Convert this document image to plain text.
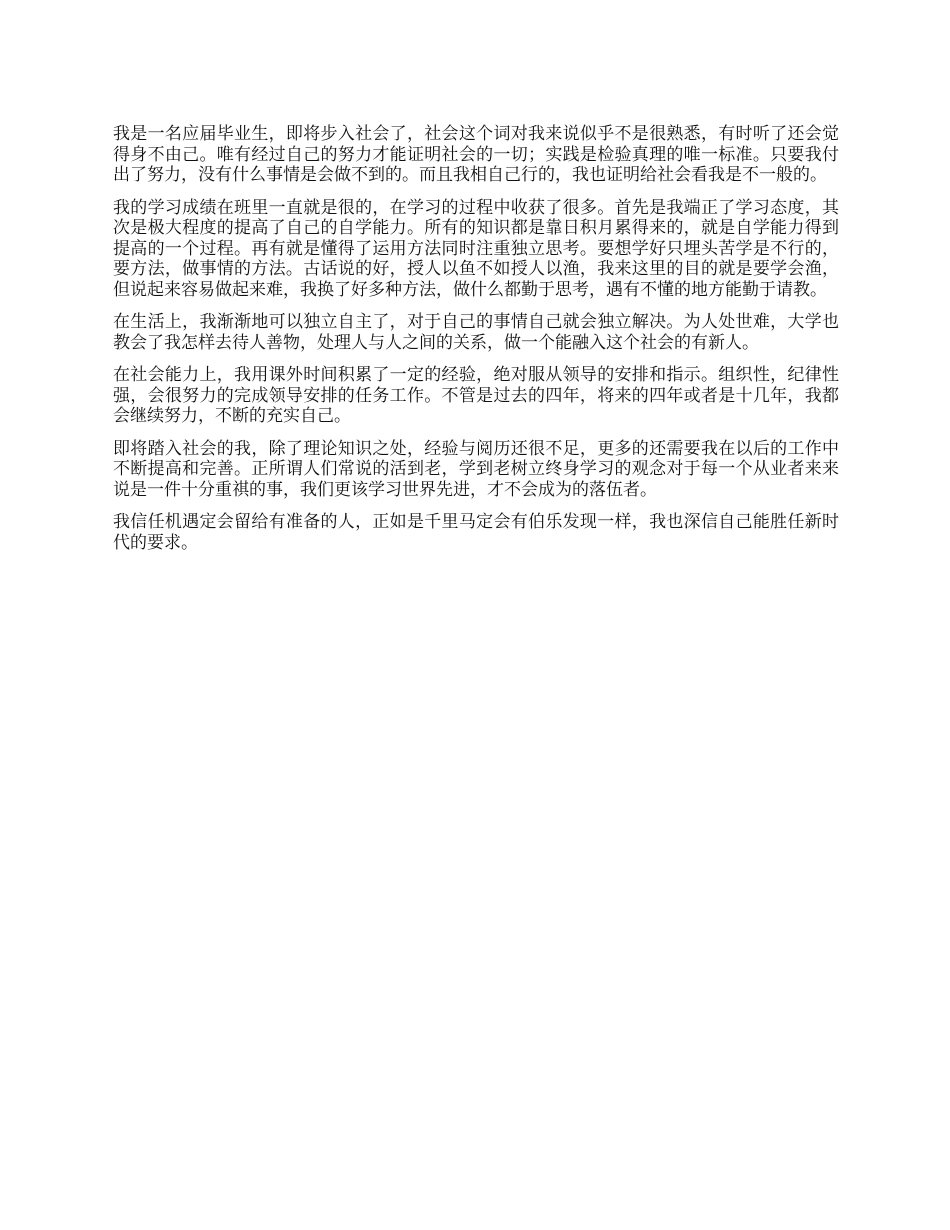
我是一名应届毕业生，即将步入社会了，社会这个词对我来说似乎不是很熟悉，有时听了还会觉得身不由己。唯有经过自己的努力才能证明社会的一切；实践是检验真理的唯一标准。只要我付出了努力，没有什么事情是会做不到的。而且我相自己行的，我也证明给社会看我是不一般的。

我的学习成绩在班里一直就是很的，在学习的过程中收获了很多。首先是我端正了学习态度，其次是极大程度的提高了自己的自学能力。所有的知识都是靠日积月累得来的，就是自学能力得到提高的一个过程。再有就是懂得了运用方法同时注重独立思考。要想学好只埋头苦学是不行的，要方法，做事情的方法。古话说的好，授人以鱼不如授人以渔，我来这里的目的就是要学会渔，但说起来容易做起来难，我换了好多种方法，做什么都勤于思考，遇有不懂的地方能勤于请教。

在生活上，我渐渐地可以独立自主了，对于自己的事情自己就会独立解决。为人处世难，大学也教会了我怎样去待人善物，处理人与人之间的关系，做一个能融入这个社会的有新人。

在社会能力上，我用课外时间积累了一定的经验，绝对服从领导的安排和指示。组织性，纪律性强，会很努力的完成领导安排的任务工作。不管是过去的四年，将来的四年或者是十几年，我都会继续努力，不断的充实自己。

即将踏入社会的我，除了理论知识之处，经验与阅历还很不足，更多的还需要我在以后的工作中不断提高和完善。正所谓人们常说的活到老，学到老树立终身学习的观念对于每一个从业者来来说是一件十分重祺的事，我们更该学习世界先进，才不会成为的落伍者。

我信任机遇定会留给有准备的人，正如是千里马定会有伯乐发现一样，我也深信自己能胜任新时代的要求。
